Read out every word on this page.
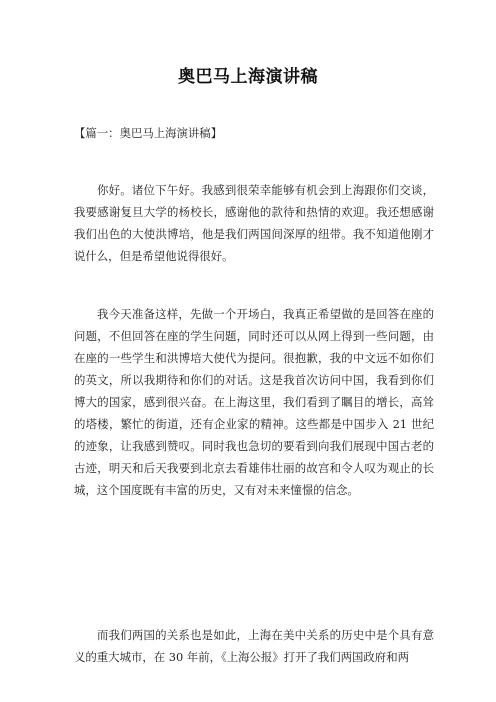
奥巴马上海演讲稿
【篇一：奥巴马上海演讲稿】

你好。诸位下午好。我感到很荣幸能够有机会到上海跟你们交谈，我要感谢复旦大学的杨校长，感谢他的款待和热情的欢迎。我还想感谢我们出色的大使洪博培，他是我们两国间深厚的纽带。我不知道他刚才说什么，但是希望他说得很好。

我今天准备这样，先做一个开场白，我真正希望做的是回答在座的问题，不但回答在座的学生问题，同时还可以从网上得到一些问题，由在座的一些学生和洪博培大使代为提问。很抱歉，我的中文远不如你们的英文，所以我期待和你们的对话。这是我首次访问中国，我看到你们博大的国家，感到很兴奋。在上海这里，我们看到了瞩目的增长，高耸的塔楼，繁忙的街道，还有企业家的精神。这些都是中国步入 21 世纪的迹象，让我感到赞叹。同时我也急切的要看到向我们展现中国古老的古迹，明天和后天我要到北京去看雄伟壮丽的故宫和令人叹为观止的长城，这个国度既有丰富的历史，又有对未来憧憬的信念。

而我们两国的关系也是如此，上海在美中关系的历史中是个具有意义的重大城市，在 30 年前，《上海公报》打开了我们两国政府和两
